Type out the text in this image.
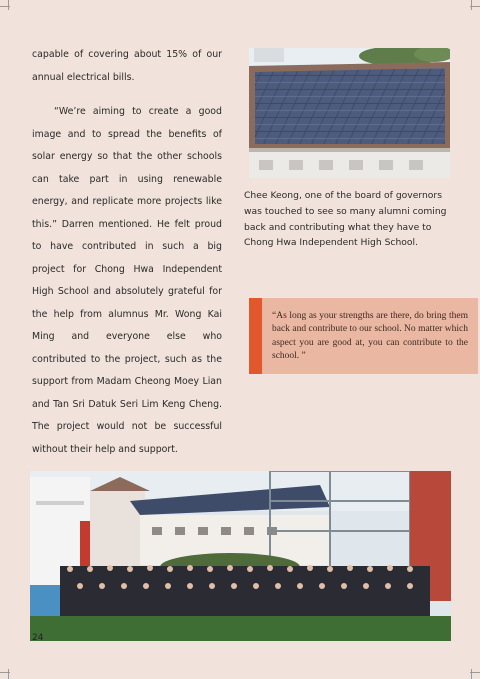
capable of covering about 15% of our annual electrical bills.

“We’re aiming to create a good image and to spread the benefits of solar energy so that the other schools can take part in using renewable energy, and replicate more projects like this.” Darren mentioned. He felt proud to have contributed in such a big project for Chong Hwa Independent High School and absolutely grateful for the help from alumnus Mr. Wong Kai Ming and everyone else who contributed to the project, such as the support from Madam Cheong Moey Lian and Tan Sri Datuk Seri Lim Keng Cheng. The project would not be successful without their help and support.

Chee Keong, one of the board of governors was touched to see so many alumni coming back and contributing what they have to Chong Hwa Independent High School.
“As long as your strengths are there, do bring them back and contribute to our school. No matter which aspect you are good at, you can contribute to the school. ”
24
